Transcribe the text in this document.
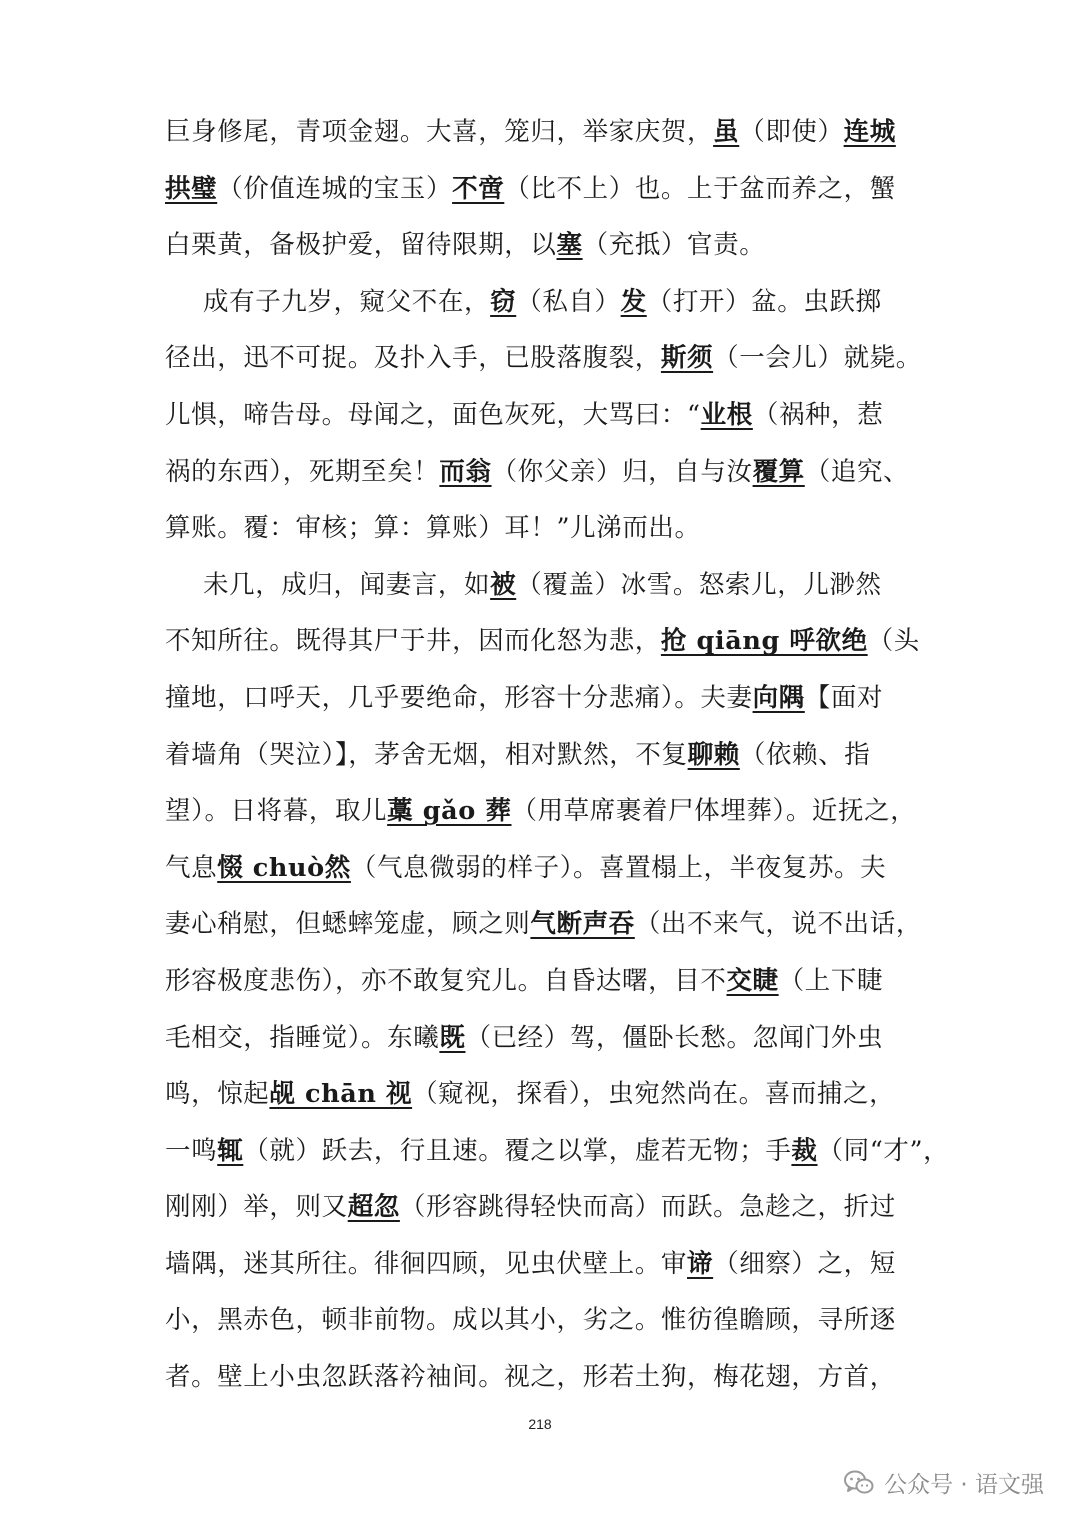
巨身修尾，青项金翅。大喜，笼归，举家庆贺，虽（即使）连城
拱璧（价值连城的宝玉）不啻（比不上）也。上于盆而养之，蟹
白栗黄，备极护爱，留待限期，以塞（充抵）官责。
成有子九岁，窥父不在，窃（私自）发（打开）盆。虫跃掷
径出，迅不可捉。及扑入手，已股落腹裂，斯须（一会儿）就毙。
儿惧，啼告母。母闻之，面色灰死，大骂曰：“业根（祸种，惹
祸的东西），死期至矣！而翁（你父亲）归，自与汝覆算（追究、
算账。覆：审核；算：算账）耳！”儿涕而出。
未几，成归，闻妻言，如被（覆盖）冰雪。怒索儿，儿渺然
不知所往。既得其尸于井，因而化怒为悲，抢 qiāng 呼欲绝（头
撞地，口呼天，几乎要绝命，形容十分悲痛）。夫妻向隅【面对
着墙角（哭泣）】，茅舍无烟，相对默然，不复聊赖（依赖、指
望）。日将暮，取儿藁 gǎo 葬（用草席裹着尸体埋葬）。近抚之，
气息惙 chuò然（气息微弱的样子）。喜置榻上，半夜复苏。夫
妻心稍慰，但蟋蟀笼虚，顾之则气断声吞（出不来气，说不出话，
形容极度悲伤），亦不敢复究儿。自昏达曙，目不交睫（上下睫
毛相交，指睡觉）。东曦既（已经）驾，僵卧长愁。忽闻门外虫
鸣，惊起觇 chān 视（窥视，探看），虫宛然尚在。喜而捕之，
一鸣辄（就）跃去，行且速。覆之以掌，虚若无物；手裁（同“才”，
刚刚）举，则又超忽（形容跳得轻快而高）而跃。急趁之，折过
墙隅，迷其所往。徘徊四顾，见虫伏壁上。审谛（细察）之，短
小，黑赤色，顿非前物。成以其小，劣之。惟彷徨瞻顾，寻所逐
者。壁上小虫忽跃落衿袖间。视之，形若土狗，梅花翅，方首，
218
公众号 · 语文强
